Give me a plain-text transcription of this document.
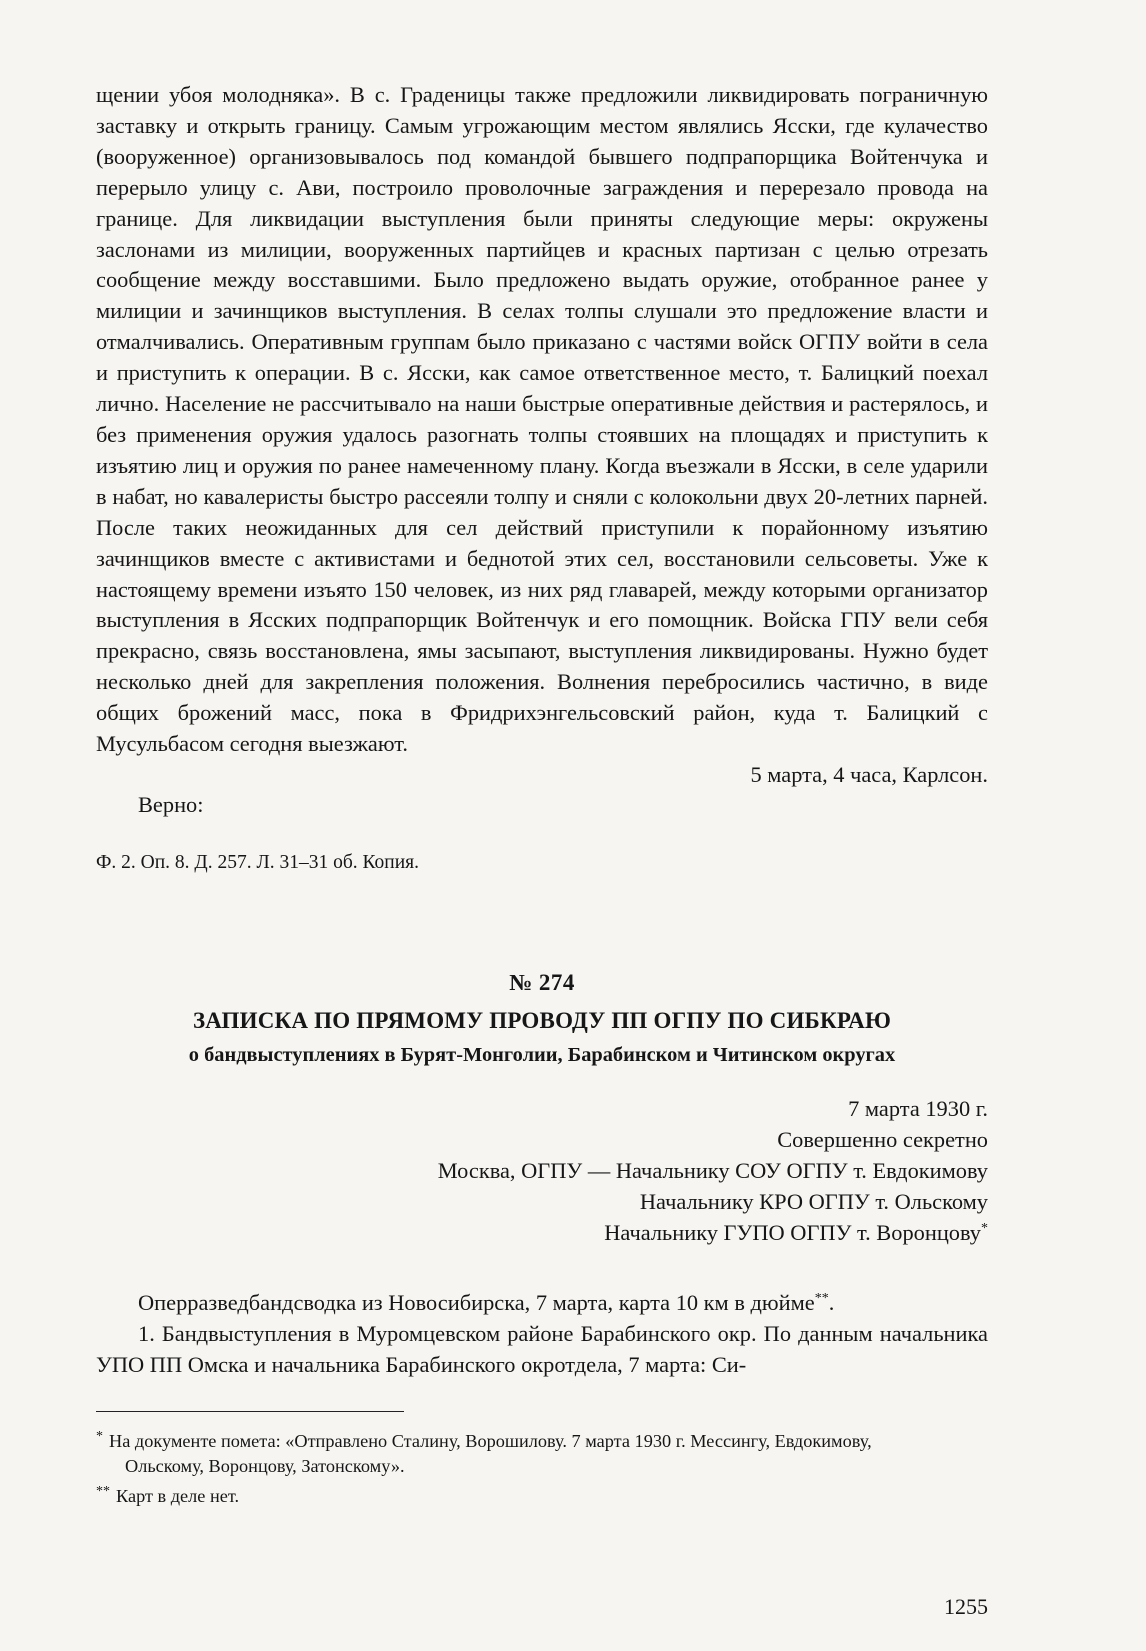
щении убоя молодняка». В с. Граденицы также предложили ликвидировать пограничную заставку и открыть границу. Самым угрожающим местом являлись Ясски, где кулачество (вооруженное) организовывалось под командой бывшего подпрапорщика Войтенчука и перерыло улицу с. Ави, построило проволочные заграждения и перерезало провода на границе. Для ликвидации выступления были приняты следующие меры: окружены заслонами из милиции, вооруженных партийцев и красных партизан с целью отрезать сообщение между восставшими. Было предложено выдать оружие, отобранное ранее у милиции и зачинщиков выступления. В селах толпы слушали это предложение власти и отмалчивались. Оперативным группам было приказано с частями войск ОГПУ войти в села и приступить к операции. В с. Ясски, как самое ответственное место, т. Балицкий поехал лично. Население не рассчитывало на наши быстрые оперативные действия и растерялось, и без применения оружия удалось разогнать толпы стоявших на площадях и приступить к изъятию лиц и оружия по ранее намеченному плану. Когда въезжали в Ясски, в селе ударили в набат, но кавалеристы быстро рассеяли толпу и сняли с колокольни двух 20-летних парней. После таких неожиданных для сел действий приступили к порайонному изъятию зачинщиков вместе с активистами и беднотой этих сел, восстановили сельсоветы. Уже к настоящему времени изъято 150 человек, из них ряд главарей, между которыми организатор выступления в Ясских подпрапорщик Войтенчук и его помощник. Войска ГПУ вели себя прекрасно, связь восстановлена, ямы засыпают, выступления ликвидированы. Нужно будет несколько дней для закрепления положения. Волнения перебросились частично, в виде общих брожений масс, пока в Фридрихэнгельсовский район, куда т. Балицкий с Мусульбасом сегодня выезжают.

5 марта, 4 часа, Карлсон.
Верно:

Ф. 2. Оп. 8. Д. 257. Л. 31–31 об. Копия.

№ 274

ЗАПИСКА ПО ПРЯМОМУ ПРОВОДУ ПП ОГПУ ПО СИБКРАЮ

о бандвыступлениях в Бурят-Монголии, Барабинском и Читинском округах

7 марта 1930 г.

Совершенно секретно

Москва, ОГПУ — Начальнику СОУ ОГПУ т. Евдокимову

Начальнику КРО ОГПУ т. Ольскому

Начальнику ГУПО ОГПУ т. Воронцову*

Оперразведбандсводка из Новосибирска, 7 марта, карта 10 км в дюйме**.

1. Бандвыступления в Муромцевском районе Барабинского окр. По данным начальника УПО ПП Омска и начальника Барабинского окротдела, 7 марта: Си-

* На документе помета: «Отправлено Сталину, Ворошилову. 7 марта 1930 г. Мессингу, Евдокимову,
Ольскому, Воронцову, Затонскому».

** Карт в деле нет.

1255
